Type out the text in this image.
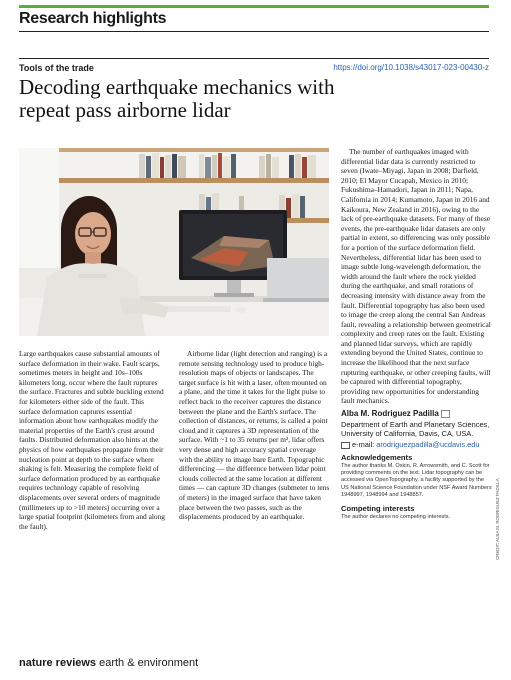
Research highlights
Tools of the trade	https://doi.org/10.1038/s43017-023-00430-z
Decoding earthquake mechanics with
repeat pass airborne lidar

Large earthquakes cause substantial amounts of surface deformation in their wake. Fault scarps, sometimes meters in height and 10s–100s kilometers long, occur where the fault ruptures the surface. Fractures and subtle buckling extend for kilometers either side of the fault. This surface deformation captures essential information about how earthquakes modify the material properties of the Earth's crust around faults. Distributed deformation also hints at the physics of how earthquakes propagate from their nucleation point at depth to the surface where shaking is felt. Measuring the complete field of surface deformation produced by an earthquake requires technology capable of resolving displacements over several orders of magnitude (millimeters up to >10 meters) occurring over a large spatial footprint (kilometers from and along the fault).

Airborne lidar (light detection and ranging) is a remote sensing technology used to produce high-resolution maps of objects or landscapes. The target surface is hit with a laser, often mounted on a plane, and the time it takes for the light pulse to reflect back to the receiver captures the distance between the plane and the Earth's surface. The collection of distances, or returns, is called a point cloud and it captures a 3D representation of the surface. With ~1 to 35 returns per m², lidar offers very dense and high accuracy spatial coverage with the ability to image bare Earth. Topographic differencing — the difference between lidar point clouds collected at the same location at different times — can capture 3D changes (submeter to tens of meters) in the imaged surface that have taken place between the two passes, such as the displacements produced by an earthquake.

The number of earthquakes imaged with differential lidar data is currently restricted to seven (Iwate–Miyagi, Japan in 2008; Darfield, 2010; El Mayor Cucapah, Mexico in 2010; Fukushima–Hamadori, Japan in 2011; Napa, California in 2014; Kumamoto, Japan in 2016 and Kaikoura, New Zealand in 2016), owing to the lack of pre-earthquake datasets. For many of these events, the pre-earthquake lidar datasets are only partial in extent, so differencing was only possible for a portion of the surface deformation field. Nevertheless, differential lidar has been used to image subtle long-wavelength deformation, the width around the fault where the rock yielded during the earthquake, and small rotations of decreasing intensity with distance away from the fault. Differential topography has also been used to image the creep along the central San Andreas fault, revealing a relationship between geometrical complexity and creep rates on the fault. Existing and planned lidar surveys, which are rapidly extending beyond the United States, continue to increase the likelihood that the next surface rupturing earthquake, or other creeping faults, will be captured with differential topography, providing new opportunities for understanding fault mechanics.

Alba M. Rodriguez Padilla
Department of Earth and Planetary Sciences, University of California, Davis, CA, USA.
e-mail: arodriguezpadilla@ucdavis.edu
Acknowledgements
The author thanks M. Oskin, R. Arrowsmith, and C. Scott for providing comments on the text. Lidar topography can be accessed via OpenTopography, a facility supported by the US National Science Foundation under NSF Award Numbers 1948997, 1948994 and 1948857.
Competing interests
The author declares no competing interests.	CREDIT: ALBA M. RODRIGUEZ PADILLA
nature reviews earth & environment
